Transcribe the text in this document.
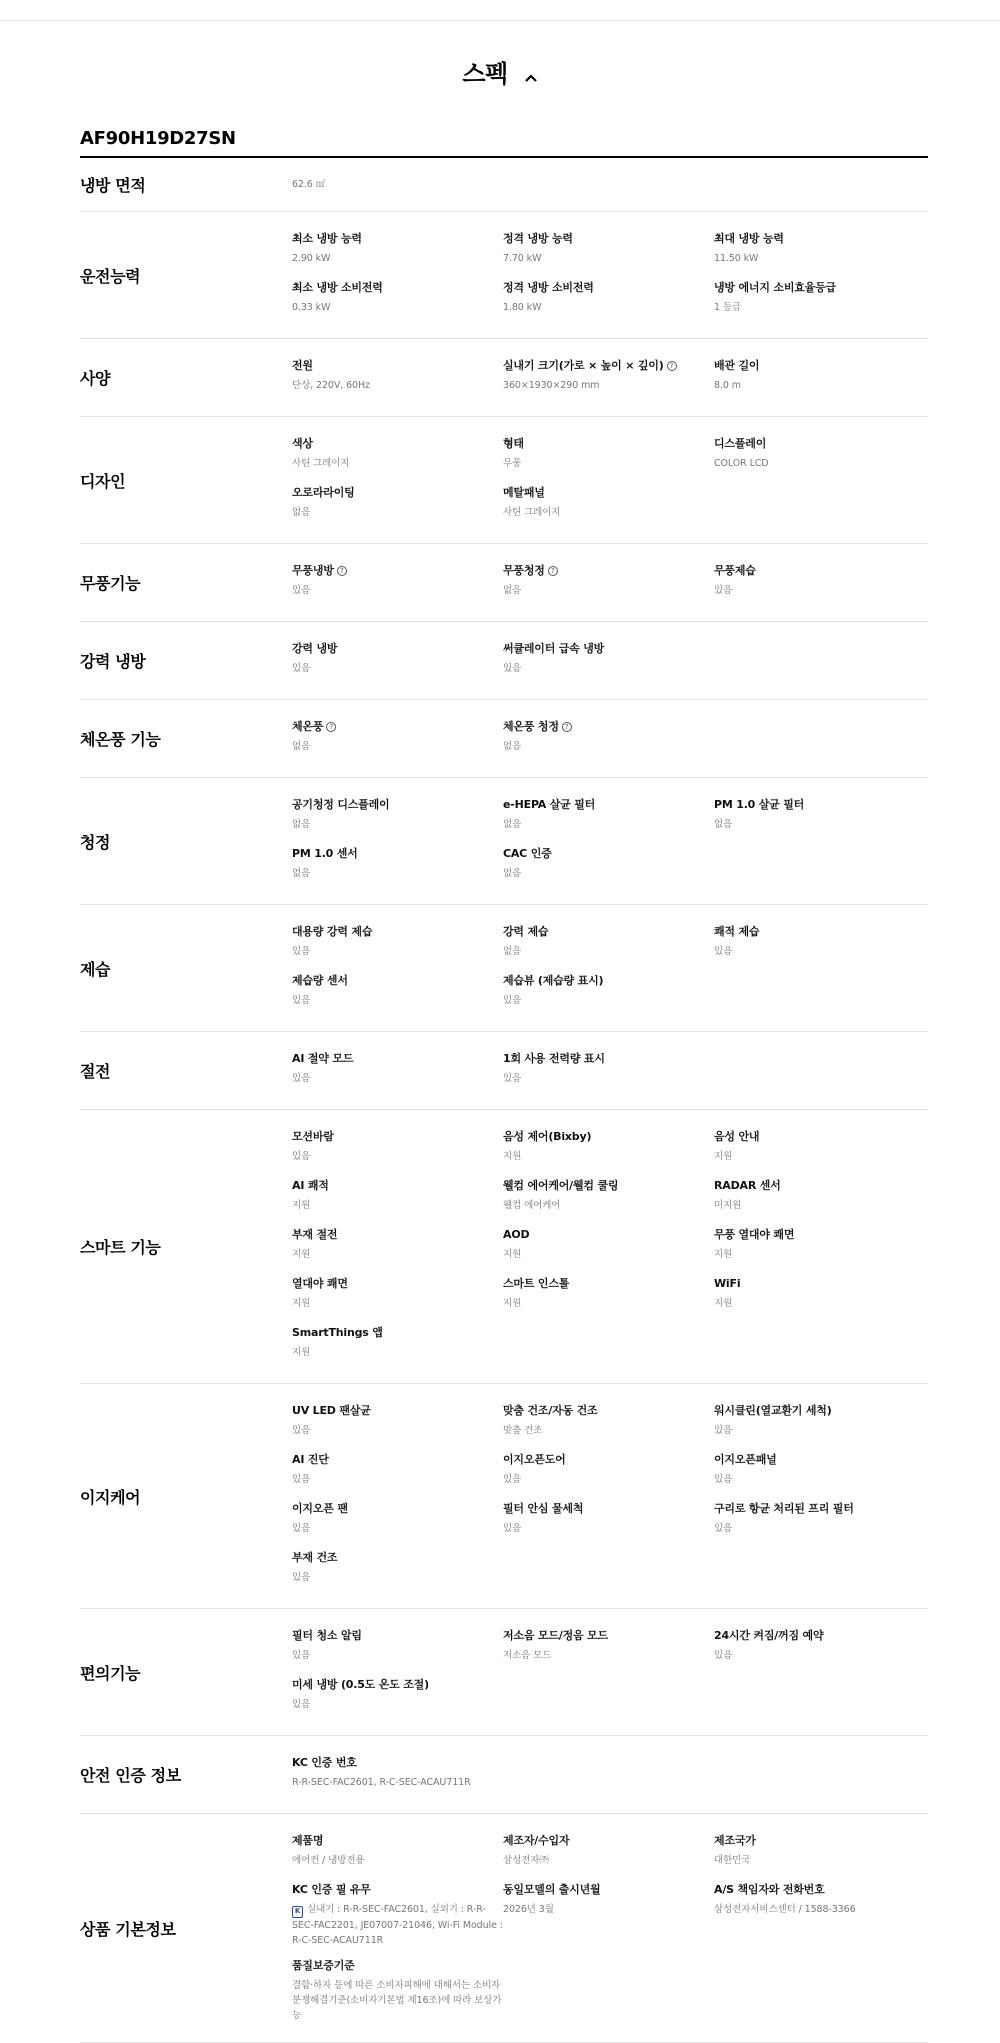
스펙
AF90H19D27SN
냉방 면적	62.6 ㎡
운전능력
최소 냉방 능력
2.90 kW
정격 냉방 능력
7.70 kW
최대 냉방 능력
11.50 kW
최소 냉방 소비전력
0.33 kW
정격 냉방 소비전력
1.80 kW
냉방 에너지 소비효율등급
1 등급
사양
전원
단상, 220V, 60Hz
실내기 크기(가로 × 높이 × 깊이) ?
360×1930×290 mm
배관 길이
8.0 m
디자인
색상
사틴 그레이지
형태
무풍
디스플레이
COLOR LCD
오로라라이팅
없음
메탈패널
사틴 그레이지
무풍기능
무풍냉방 ?
있음
무풍청정 ?
없음
무풍제습
있음
강력 냉방
강력 냉방
있음
써큘레이터 급속 냉방
있음
체온풍 기능
체온풍 ?
없음
체온풍 청정 ?
없음
청정
공기청정 디스플레이
없음
e-HEPA 살균 필터
없음
PM 1.0 살균 필터
없음
PM 1.0 센서
없음
CAC 인증
없음
제습
대용량 강력 제습
있음
강력 제습
없음
쾌적 제습
있음
제습량 센서
있음
제습뷰 (제습량 표시)
있음
절전
AI 절약 모드
있음
1회 사용 전력량 표시
있음
스마트 기능
모션바람
있음
음성 제어(Bixby)
지원
음성 안내
지원
AI 쾌적
지원
웰컴 에어케어/웰컴 쿨링
웰컴 에어케어
RADAR 센서
미지원
부재 절전
지원
AOD
지원
무풍 열대야 쾌면
지원
열대야 쾌면
지원
스마트 인스톨
지원
WiFi
지원
SmartThings 앱
지원
이지케어
UV LED 팬살균
있음
맞춤 건조/자동 건조
맞춤 건조
워시클린(열교환기 세척)
있음
AI 진단
있음
이지오픈도어
있음
이지오픈패널
있음
이지오픈 팬
있음
필터 안심 물세척
있음
구리로 항균 처리된 프리 필터
있음
부재 건조
있음
편의기능
필터 청소 알림
있음
저소음 모드/정음 모드
저소음 모드
24시간 켜짐/꺼짐 예약
있음
미세 냉방 (0.5도 온도 조절)
있음
안전 인증 정보
KC 인증 번호
R-R-SEC-FAC2601, R-C-SEC-ACAU711R
상품 기본정보
제품명
에어컨 / 냉방전용
제조자/수입자
삼성전자㈜
제조국가
대한민국
KC 인증 필 유무
K 실내기 : R-R-SEC-FAC2601, 실외기 : R-R-SEC-FAC2201, JE07007-21046, Wi-Fi Module : R-C-SEC-ACAU711R
동일모델의 출시년월
2026년 3월
A/S 책임자와 전화번호
삼성전자서비스센터 / 1588-3366
품질보증기준
결함·하자 등에 따른 소비자피해에 대해서는 소비자분쟁해결기준(소비자기본법 제16조)에 따라 보상가능
